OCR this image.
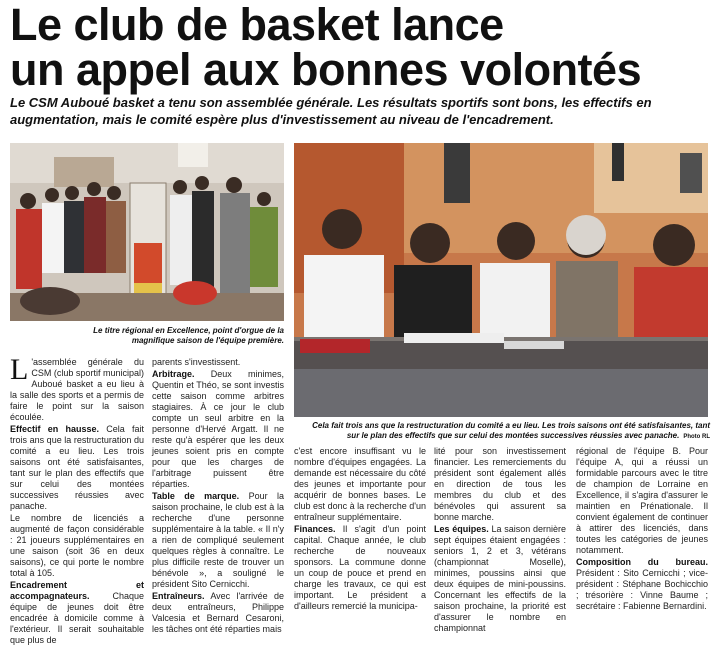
Le club de basket lance
un appel aux bonnes volontés

Le CSM Auboué basket a tenu son assemblée générale. Les résultats sportifs sont bons, les effectifs en augmentation, mais le comité espère plus d'investissement au niveau de l'encadrement.

Le titre régional en Excellence, point d'orgue de la magnifique saison de l'équipe première.

Cela fait trois ans que la restructuration du comité a eu lieu. Les trois saisons ont été satisfaisantes, tant sur le plan des effectifs que sur celui des montées successives réussies avec panache. Photo RL

L 'assemblée générale du CSM (club sportif municipal) Auboué basket a eu lieu à la salle des sports et a permis de faire le point sur la saison écoulée.

Effectif en hausse. Cela fait trois ans que la restructuration du comité a eu lieu. Les trois saisons ont été satisfaisantes, tant sur le plan des effectifs que sur celui des montées successives réussies avec panache.

Le nombre de licenciés a augmenté de façon considérable : 21 joueurs supplémentaires en une saison (soit 36 en deux saisons), ce qui porte le nombre total à 105.

Encadrement et accompagnateurs. Chaque équipe de jeunes doit être encadrée à domicile comme à l'extérieur. Il serait souhaitable que plus de

parents s'investissent.

Arbitrage. Deux minimes, Quentin et Théo, se sont investis cette saison comme arbitres stagiaires. À ce jour le club compte un seul arbitre en la personne d'Hervé Argatt. Il ne reste qu'à espérer que les deux jeunes soient pris en compte pour que les charges de l'arbitrage puissent être réparties.

Table de marque. Pour la saison prochaine, le club est à la recherche d'une personne supplémentaire à la table. « Il n'y a rien de compliqué seulement quelques règles à connaître. Le plus difficile reste de trouver un bénévole », a souligné le président Sito Cernicchi.

Entraîneurs. Avec l'arrivée de deux entraîneurs, Philippe Valcesia et Bernard Cesaroni, les tâches ont été réparties mais

c'est encore insuffisant vu le nombre d'équipes engagées. La demande est nécessaire du côté des jeunes et importante pour acquérir de bonnes bases. Le club est donc à la recherche d'un entraîneur supplémentaire.

Finances. Il s'agit d'un point capital. Chaque année, le club recherche de nouveaux sponsors. La commune donne un coup de pouce et prend en charge les travaux, ce qui est important. Le président a d'ailleurs remercié la municipa-

lité pour son investissement financier. Les remerciements du président sont également allés en direction de tous les membres du club et des bénévoles qui assurent sa bonne marche.

Les équipes. La saison dernière sept équipes étaient engagées : seniors 1, 2 et 3, vétérans (championnat Moselle), minimes, poussins ainsi que deux équipes de mini-poussins. Concernant les effectifs de la saison prochaine, la priorité est d'assurer le nombre en championnat

régional de l'équipe B. Pour l'équipe A, qui a réussi un formidable parcours avec le titre de champion de Lorraine en Excellence, il s'agira d'assurer le maintien en Prénationale. Il convient également de continuer à attirer des licenciés, dans toutes les catégories de jeunes notamment.

Composition du bureau. Président : Sito Cernicchi ; vice-président : Stéphane Bochicchio ; trésorière : Vinne Baume ; secrétaire : Fabienne Bernardini.
